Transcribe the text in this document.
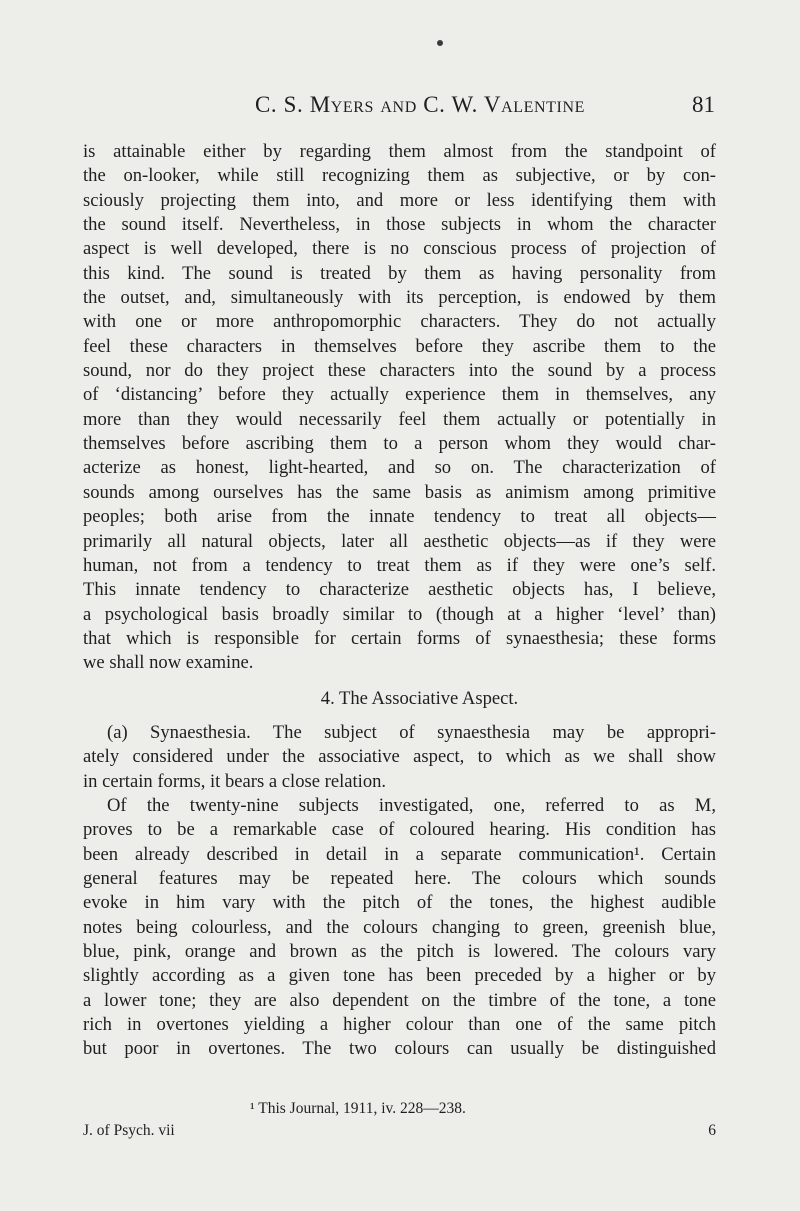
C. S. Myers and C. W. Valentine	81
is attainable either by regarding them almost from the standpoint of
the on-looker, while still recognizing them as subjective, or by con-
sciously projecting them into, and more or less identifying them with
the sound itself. Nevertheless, in those subjects in whom the character
aspect is well developed, there is no conscious process of projection of
this kind. The sound is treated by them as having personality from
the outset, and, simultaneously with its perception, is endowed by them
with one or more anthropomorphic characters. They do not actually
feel these characters in themselves before they ascribe them to the
sound, nor do they project these characters into the sound by a process
of ‘distancing’ before they actually experience them in themselves, any
more than they would necessarily feel them actually or potentially in
themselves before ascribing them to a person whom they would char-
acterize as honest, light-hearted, and so on. The characterization of
sounds among ourselves has the same basis as animism among primitive
peoples; both arise from the innate tendency to treat all objects—
primarily all natural objects, later all aesthetic objects—as if they were
human, not from a tendency to treat them as if they were one’s self.
This innate tendency to characterize aesthetic objects has, I believe,
a psychological basis broadly similar to (though at a higher ‘level’ than)
that which is responsible for certain forms of synaesthesia; these forms
we shall now examine.
4. The Associative Aspect.
(a) Synaesthesia. The subject of synaesthesia may be appropri-
ately considered under the associative aspect, to which as we shall show
in certain forms, it bears a close relation.
Of the twenty-nine subjects investigated, one, referred to as M,
proves to be a remarkable case of coloured hearing. His condition has
been already described in detail in a separate communication¹. Certain
general features may be repeated here. The colours which sounds
evoke in him vary with the pitch of the tones, the highest audible
notes being colourless, and the colours changing to green, greenish blue,
blue, pink, orange and brown as the pitch is lowered. The colours vary
slightly according as a given tone has been preceded by a higher or by
a lower tone; they are also dependent on the timbre of the tone, a tone
rich in overtones yielding a higher colour than one of the same pitch
but poor in overtones. The two colours can usually be distinguished
¹ This Journal, 1911, iv. 228—238.
J. of Psych. vii	6
